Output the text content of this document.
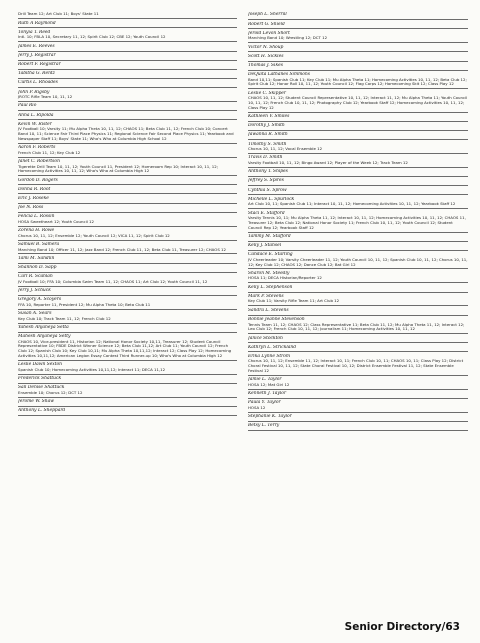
Drill Team 12; Art Club 11; Boys' State 11
Ruth A Raymond
Tonyia T. Reed
Intl. 10; FBLA 10, Secretary 11, 12; Spirit Club 12; CBE 12; Youth Council 12
James E. Reeves
Jerry J. Registrar
Robert F. Registrar
Tabitha G. Rentz
Curtis L. Rhoades
John P. Rigsby
JROTC Rifle Team 10, 11, 12
Paul Rio
Anna L. Ripolda
Kevin W. Rister
JV Football 10; Varsity 11; Mu Alpha Theta 10, 11, 12; CHAOS 11; Beta Club 11, 12; French Club 10; Concert Band 10, 11; Science Fair Third Place Physics 11; Regional Science Fair Second Place Physics 11; Yearbook and Newspaper Staff 11; Boys' State 11; Who's Who at Columbia High School 12
Aaron F. Roberts
French Club 11, 12; Key Club 12
Janet C. Robertson
Tigerette Drill Team 10, 11, 12; Youth Council 11, President 12; Homeroom Rep 10; Interact 10, 11, 12; Homecoming Activities 10, 11, 12; Who's Who at Columbia High 12
Gordon D. Rogers
Donna R. Root
Eric J. Roseke
Joe N. Ross
Felicia L. Rossin
HOSA Sweetheart 12; Youth Council 12
Zorena H. Rowe
Chorus 10, 11, 12; Ensemble 12; Youth Council 12; VICA 11, 12; Spirit Club 12
Samuel B. Samera
Marching Band 10; Officer 11, 12; Jazz Band 12; French Club 11, 12; Beta Club 11, Treasurer 12; CHAOS 12
Tami M. Sandlin
Shannon D. Sapp
Carl R. Scanlan
JV Football 10; FFA 10; Columbia Swim Team 11, 12; CHAOS 11; Art Club 12; Youth Council 11, 12
Jerry J. Schuck
Gregory A. Scoyers
FFA 10, Reporter 11, President 12; Mu Alpha Theta 10; Beta Club 11
Susan A. Sears
Key Club 10; Track Team 11, 12; French Club 12
Yahesh Anjaneya Setta
Mahesh Anjaneya Setty
CHAOS 10, Vice-president 11, Historian 12; National Honor Society 10,11, Treasurer 12; Student Council Representative 10; FBDE District Winner Science 12; Beta Club 11,12; Art Club 11; Youth Council 12; French Club 12; Spanish Club 10; Key Club 10,11; Mu Alpha Theta 10,11,12; Interact 12; Class Play 12; Homecoming Activities 10,11,12; American Legion Essay Contest Third Runner-up 10; Who's Who at Columbia High 12
Leslie Dawn Sexton
Spanish Club 10; Homecoming Activities 10,11,12; Interact 11; DECA 11,12
Frederick Shattuck
Sall Denise Shattuck
Ensemble 10; Chorus 12; DCT 12
Jerome W. Shaw
Anthony L. Sheppard
Joseph L. Sherrill
Robert G. Shield
Jerold Levon Short
Marching Band 10; Wrestling 12; DCT 12
Victor N. Shoup
Scott H. Sickles
Thomas J. Sikes
DeQuita Lathanes Simmons
Band 10,11; Spanish Club 11; Key Club 11; Mu Alpha Theta 11; Homecoming Activities 10, 11, 12; Beta Club 12; Spirit Club 12; Honor Roll 10, 11, 12; Youth Council 12; Flag Corps 12; Homecoming Skit 12; Class Play 12
Leslie C. Skipper
CHAOS 10, 11, 12; Student Council Representative 10, 11, 12; Interact 11, 12; Mu Alpha Theta 11; Youth Council 10, 11, 12; French Club 10, 11, 12; Photography Club 12; Yearbook Staff 12; Homecoming Activities 10, 11, 12; Class Play 12
Kathleen V. Smiles
Dorothy J. Smith
Jawanna R. Smith
Timothy S. Smith
Chorus 10, 11, 12; Vocal Ensemble 12
Travis D. Smith
Varsity Football 10, 11, 12; Bingo Award 12; Player of the Week 12; Track Team 12
Anthony T. Snipes
Jeffrey S. Spires
Cynthia S. Sprow
Michelle L. Spurlock
Art Club 10, 11; Spanish Club 11; Interact 10, 11, 12; Homecoming Activities 10, 11, 12; Yearbook Staff 12
Staci E. Stafford
Varsity Tennis 10, 11; Mu Alpha Theta 11, 12; Interact 10, 11, 12; Homecoming Activities 10, 11, 12; CHAOS 11, Treasurer 12; Beta Club 12; National Honor Society 11; French Club 10, 11, 12; Youth Council 12; Student Council Rep 12; Yearbook Staff 12
Tammy M. Stafford
Kelly J. Stansel
Candace E. Starling
JV Cheerleader 10; Varsity Cheerleader 11, 12; Youth Council 10, 11, 12; Spanish Club 10, 11, 12; Chorus 10, 11, 12; Key Club 12; CHAOS 12; Dance Club 12; Bat Girl 12
Sharon M. Steedly
HOSA 11; DECA Historian/Reporter 12
Kelly L. Stephenson
Mark P. Stevens
Key Club 11; Varsity Rifle Team 11; Art Club 12
Sandra L. Stevens
Bonnie Jeanne Stevenson
Tennis Team 11, 12; CHAOS 12; Class Representative 11; Beta Club 11, 12; Mu Alpha Theta 11, 12; Interact 12; Leo Club 12; French Club 10, 11, 12; Journalism 11; Homecoming Activities 10, 11, 12
Janice Stockton
Kathryn L. Strickland
Erika Lynne Strom
Chorus 10, 11, 12; Ensemble 11, 12; Interact 10, 11; French Club 10, 11; CHAOS 10, 11; Class Play 12; District Choral Festival 10, 11, 12; State Choral Festival 10, 12; District Ensemble Festival 11, 12; State Ensemble Festival 12
Jamie L. Taylor
HOSA 12; Mat Girl 12
Kenneth J. Taylor
Paula Y. Taylor
HOSA 12
Stephanie K. Taylor
Betsy L. Terry
Senior Directory/63
